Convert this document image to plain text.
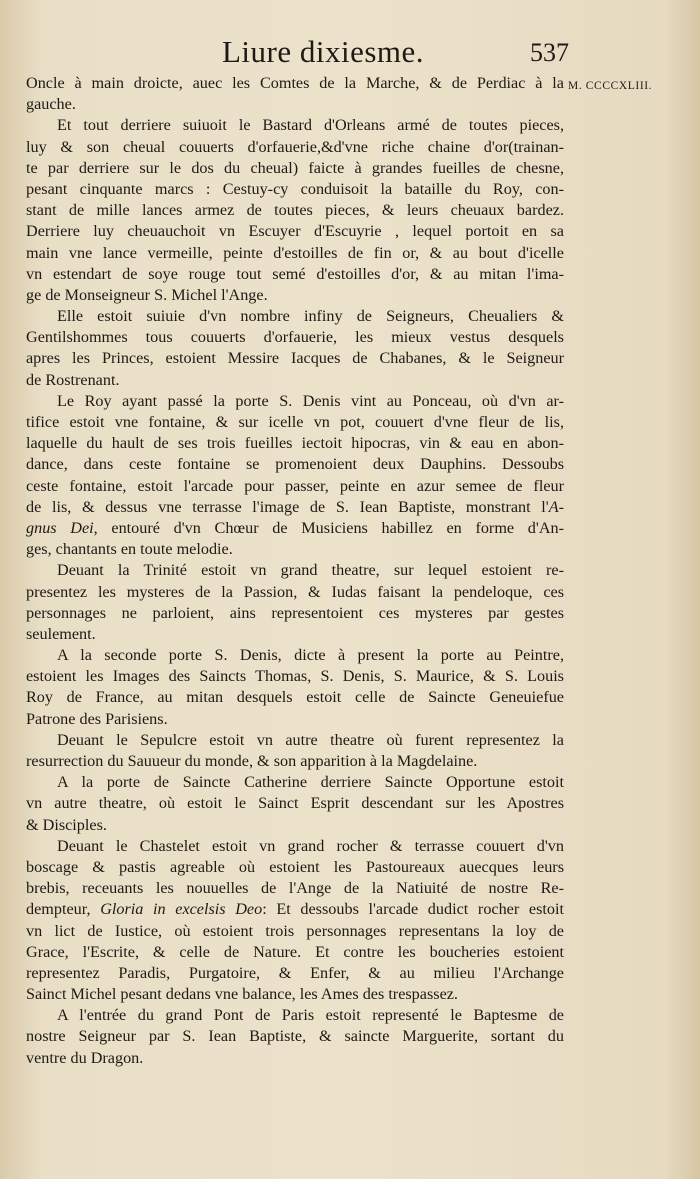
Liure dixiesme.	537
M. CCCCXLIII.
Oncle à main droicte, auec les Comtes de la Marche, & de Perdiac à la
gauche.
Et tout derriere suiuoit le Bastard d'Orleans armé de toutes pieces,
luy & son cheual couuerts d'orfauerie,&d'vne riche chaine d'or(trainan-
te par derriere sur le dos du cheual) faicte à grandes fueilles de chesne,
pesant cinquante marcs : Cestuy-cy conduisoit la bataille du Roy, con-
stant de mille lances armez de toutes pieces, & leurs cheuaux bardez.
Derriere luy cheuauchoit vn Escuyer d'Escuyrie , lequel portoit en sa
main vne lance vermeille, peinte d'estoilles de fin or, & au bout d'icelle
vn estendart de soye rouge tout semé d'estoilles d'or, & au mitan l'ima-
ge de Monseigneur S. Michel l'Ange.
Elle estoit suiuie d'vn nombre infiny de Seigneurs, Cheualiers &
Gentilshommes tous couuerts d'orfauerie, les mieux vestus desquels
apres les Princes, estoient Messire Iacques de Chabanes, & le Seigneur
de Rostrenant.
Le Roy ayant passé la porte S. Denis vint au Ponceau, où d'vn ar-
tifice estoit vne fontaine, & sur icelle vn pot, couuert d'vne fleur de lis,
laquelle du hault de ses trois fueilles iectoit hipocras, vin & eau en abon-
dance, dans ceste fontaine se promenoient deux Dauphins. Dessoubs
ceste fontaine, estoit l'arcade pour passer, peinte en azur semee de fleur
de lis, & dessus vne terrasse l'image de S. Iean Baptiste, monstrant l'A-
gnus Dei, entouré d'vn Chœur de Musiciens habillez en forme d'An-
ges, chantants en toute melodie.
Deuant la Trinité estoit vn grand theatre, sur lequel estoient re-
presentez les mysteres de la Passion, & Iudas faisant la pendeloque, ces
personnages ne parloient, ains representoient ces mysteres par gestes
seulement.
A la seconde porte S. Denis, dicte à present la porte au Peintre,
estoient les Images des Saincts Thomas, S. Denis, S. Maurice, & S. Louis
Roy de France, au mitan desquels estoit celle de Saincte Geneuiefue
Patrone des Parisiens.
Deuant le Sepulcre estoit vn autre theatre où furent representez la
resurrection du Sauueur du monde, & son apparition à la Magdelaine.
A la porte de Saincte Catherine derriere Saincte Opportune estoit
vn autre theatre, où estoit le Sainct Esprit descendant sur les Apostres
& Disciples.
Deuant le Chastelet estoit vn grand rocher & terrasse couuert d'vn
boscage & pastis agreable où estoient les Pastoureaux auecques leurs
brebis, receuants les nouuelles de l'Ange de la Natiuité de nostre Re-
dempteur, Gloria in excelsis Deo: Et dessoubs l'arcade dudict rocher estoit
vn lict de Iustice, où estoient trois personnages representans la loy de
Grace, l'Escrite, & celle de Nature. Et contre les boucheries estoient
representez Paradis, Purgatoire, & Enfer, & au milieu l'Archange
Sainct Michel pesant dedans vne balance, les Ames des trespassez.
A l'entrée du grand Pont de Paris estoit representé le Baptesme de
nostre Seigneur par S. Iean Baptiste, & saincte Marguerite, sortant du
ventre du Dragon.
